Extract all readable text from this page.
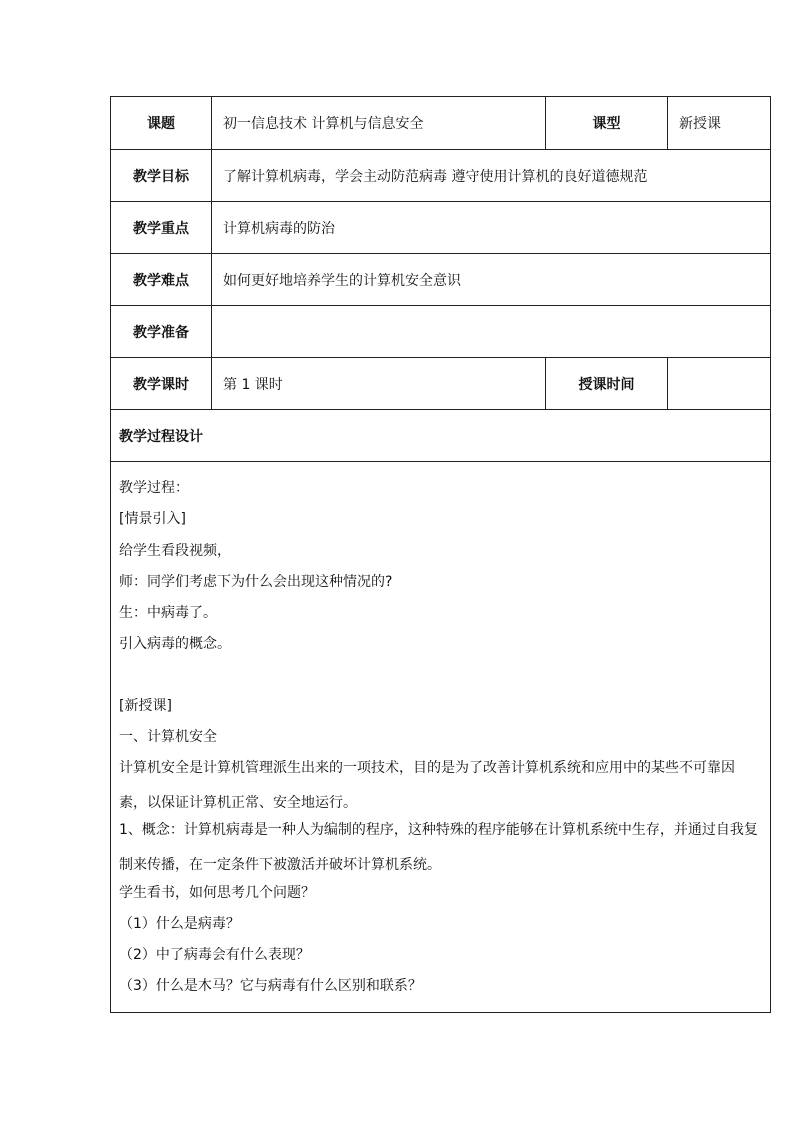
课题	初一信息技术 计算机与信息安全	课型	新授课
教学目标	了解计算机病毒，学会主动防范病毒 遵守使用计算机的良好道德规范
教学重点	计算机病毒的防治
教学难点	如何更好地培养学生的计算机安全意识
教学准备
教学课时	第 1 课时	授课时间
教学过程设计
教学过程：
[情景引入]
给学生看段视频，
师：同学们考虑下为什么会出现这种情况的?
生：中病毒了。
引入病毒的概念。
[新授课]
一、计算机安全
计算机安全是计算机管理派生出来的一项技术，目的是为了改善计算机系统和应用中的某些不可靠因素，以保证计算机正常、安全地运行。
1、概念：计算机病毒是一种人为编制的程序，这种特殊的程序能够在计算机系统中生存，并通过自我复制来传播，在一定条件下被激活并破坏计算机系统。
学生看书，如何思考几个问题？
（1）什么是病毒？
（2）中了病毒会有什么表现？
（3）什么是木马？它与病毒有什么区别和联系？
